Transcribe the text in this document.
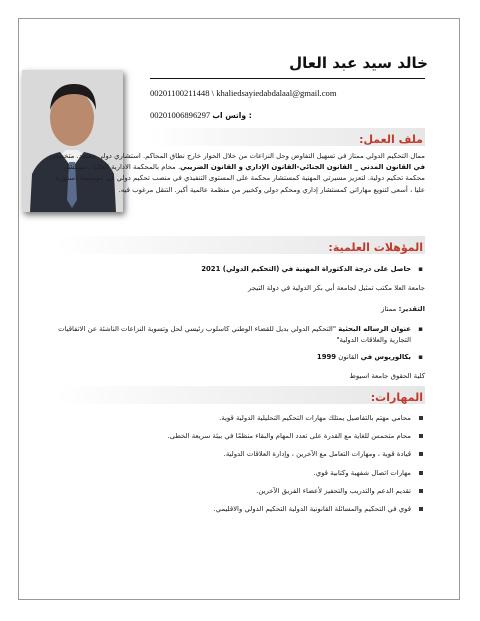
خالد سيد عبد العال
00201100211448 \ khaliedsayiedabdalaal@gmail.com
00201006896297 واتس اب :
ملف العمل:
ممال التحكيم الدولي ممتاز في تسهيل التفاوض وحل النزاعات من خلال الحوار خارج نطاق المحاكم. استشاري دولي معتمد. متخصص في القانون المدني _ القانون الجنائي-القانون الإداري و القانون الضريبي. محام بالمحكمة الادارية العاليا ، مستشار محكمة تحكيم دولية. لتعزيز مسيرتي المهنية كمستشار محكمة على المستوى التنفيذي في منصب تحكيم دولي في مؤسسة دستورية عليا ، أسعى لتنويع مهاراتي كمستشار إداري ومحكم دولي وكخبير من منظمة عالمية أكبر. التنقل مرغوب فيه.
المؤهلات العلمية:
▪
حاصل على درجة الدكتوراة المهنية في (التحكيم الدولي) 2021
جامعة العلا مكتب تمثيل لجامعة أبي بكر الدولية في دولة التيجر
التقدير: ممتاز
▪
عنوان الرساله البحثية "التحكيم الدولي بديل للقضاء الوطني كاسلوب رئيسي لحل وتسوية النزاعات الناشئة عن الاتفاقيات التجارية والعلاقات الدولية"
▪
بكالوريوس في القانون 1999
كلية الحقوق جامعة اسيوط
المهارات:
محامي مهتم بالتفاصيل يمتلك مهارات التحكيم التحليلية الدولية قوية.
محام متحمس للغاية مع القدرة على تعدد المهام والبقاء منظمًا في بيئة سريعة الخطى.
قيادة قوية ، ومهارات التعامل مع الآخرين ، وإدارة العلاقات الدولية.
مهارات اتصال شفهية وكتابية قوي.
تقديم الدعم والتدريب والتحفيز لأعضاء الفريق الآخرين.
قوي في التحكيم والمسائلة القانونية الدولية التحكيم الدولي والاقليمي.
